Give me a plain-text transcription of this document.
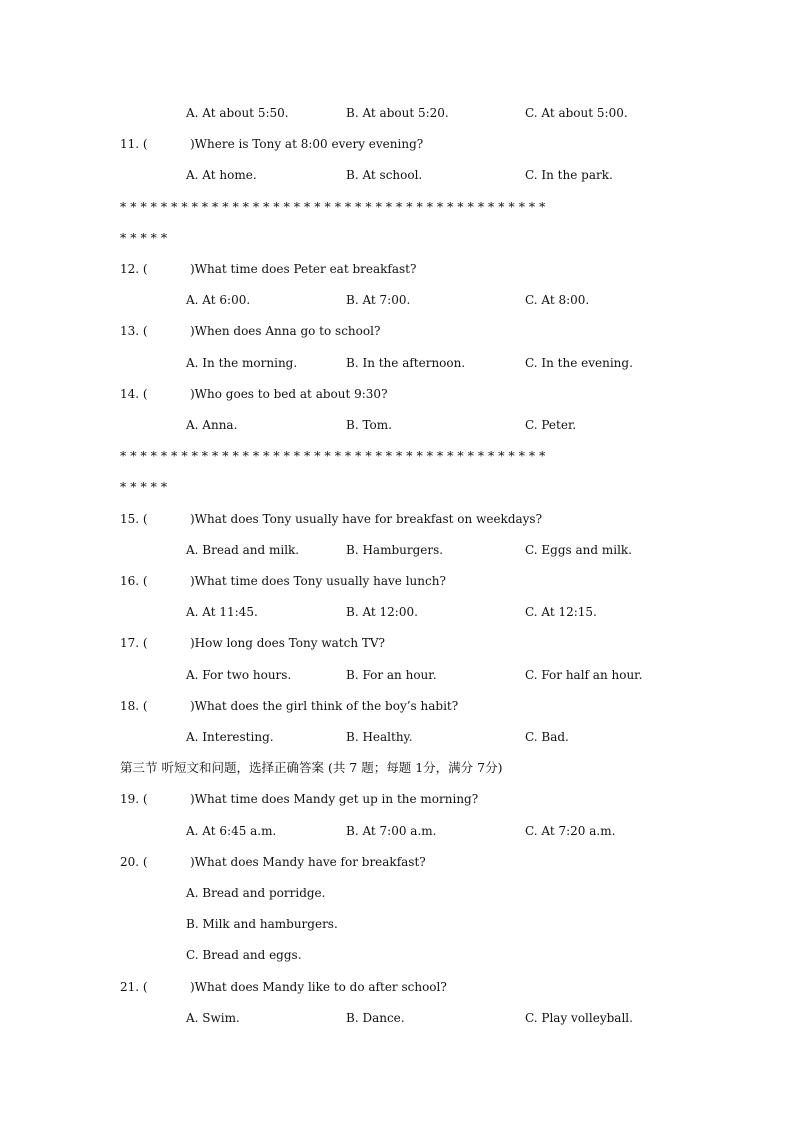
A. At about 5:50.	B. At about 5:20.	C. At about 5:00.
11. (	)Where is Tony at 8:00 every evening?
A. At home.	B. At school.	C. In the park.
* * * * * * * * * * * * * * * * * * * * * * * * * * * * * * * * * * * * * * * * * *
* * * * *
12. (	)What time does Peter eat breakfast?
A. At 6:00.	B. At 7:00.	C. At 8:00.
13. (	)When does Anna go to school?
A. In the morning.	B. In the afternoon.	C. In the evening.
14. (	)Who goes to bed at about 9:30?
A. Anna.	B. Tom.	C. Peter.
* * * * * * * * * * * * * * * * * * * * * * * * * * * * * * * * * * * * * * * * * *
* * * * *
15. (	)What does Tony usually have for breakfast on weekdays?
A. Bread and milk.	B. Hamburgers.	C. Eggs and milk.
16. (	)What time does Tony usually have lunch?
A. At 11:45.	B. At 12:00.	C. At 12:15.
17. (	)How long does Tony watch TV?
A. For two hours.	B. For an hour.	C. For half an hour.
18. (	)What does the girl think of the boy’s habit?
A. Interesting.	B. Healthy.	C. Bad.
第三节 听短文和问题，选择正确答案 (共 7 题；每题 1分，满分 7分)
19. (	)What time does Mandy get up in the morning?
A. At 6:45 a.m.	B. At 7:00 a.m.	C. At 7:20 a.m.
20. (	)What does Mandy have for breakfast?
A. Bread and porridge.
B. Milk and hamburgers.
C. Bread and eggs.
21. (	)What does Mandy like to do after school?
A. Swim.	B. Dance.	C. Play volleyball.
